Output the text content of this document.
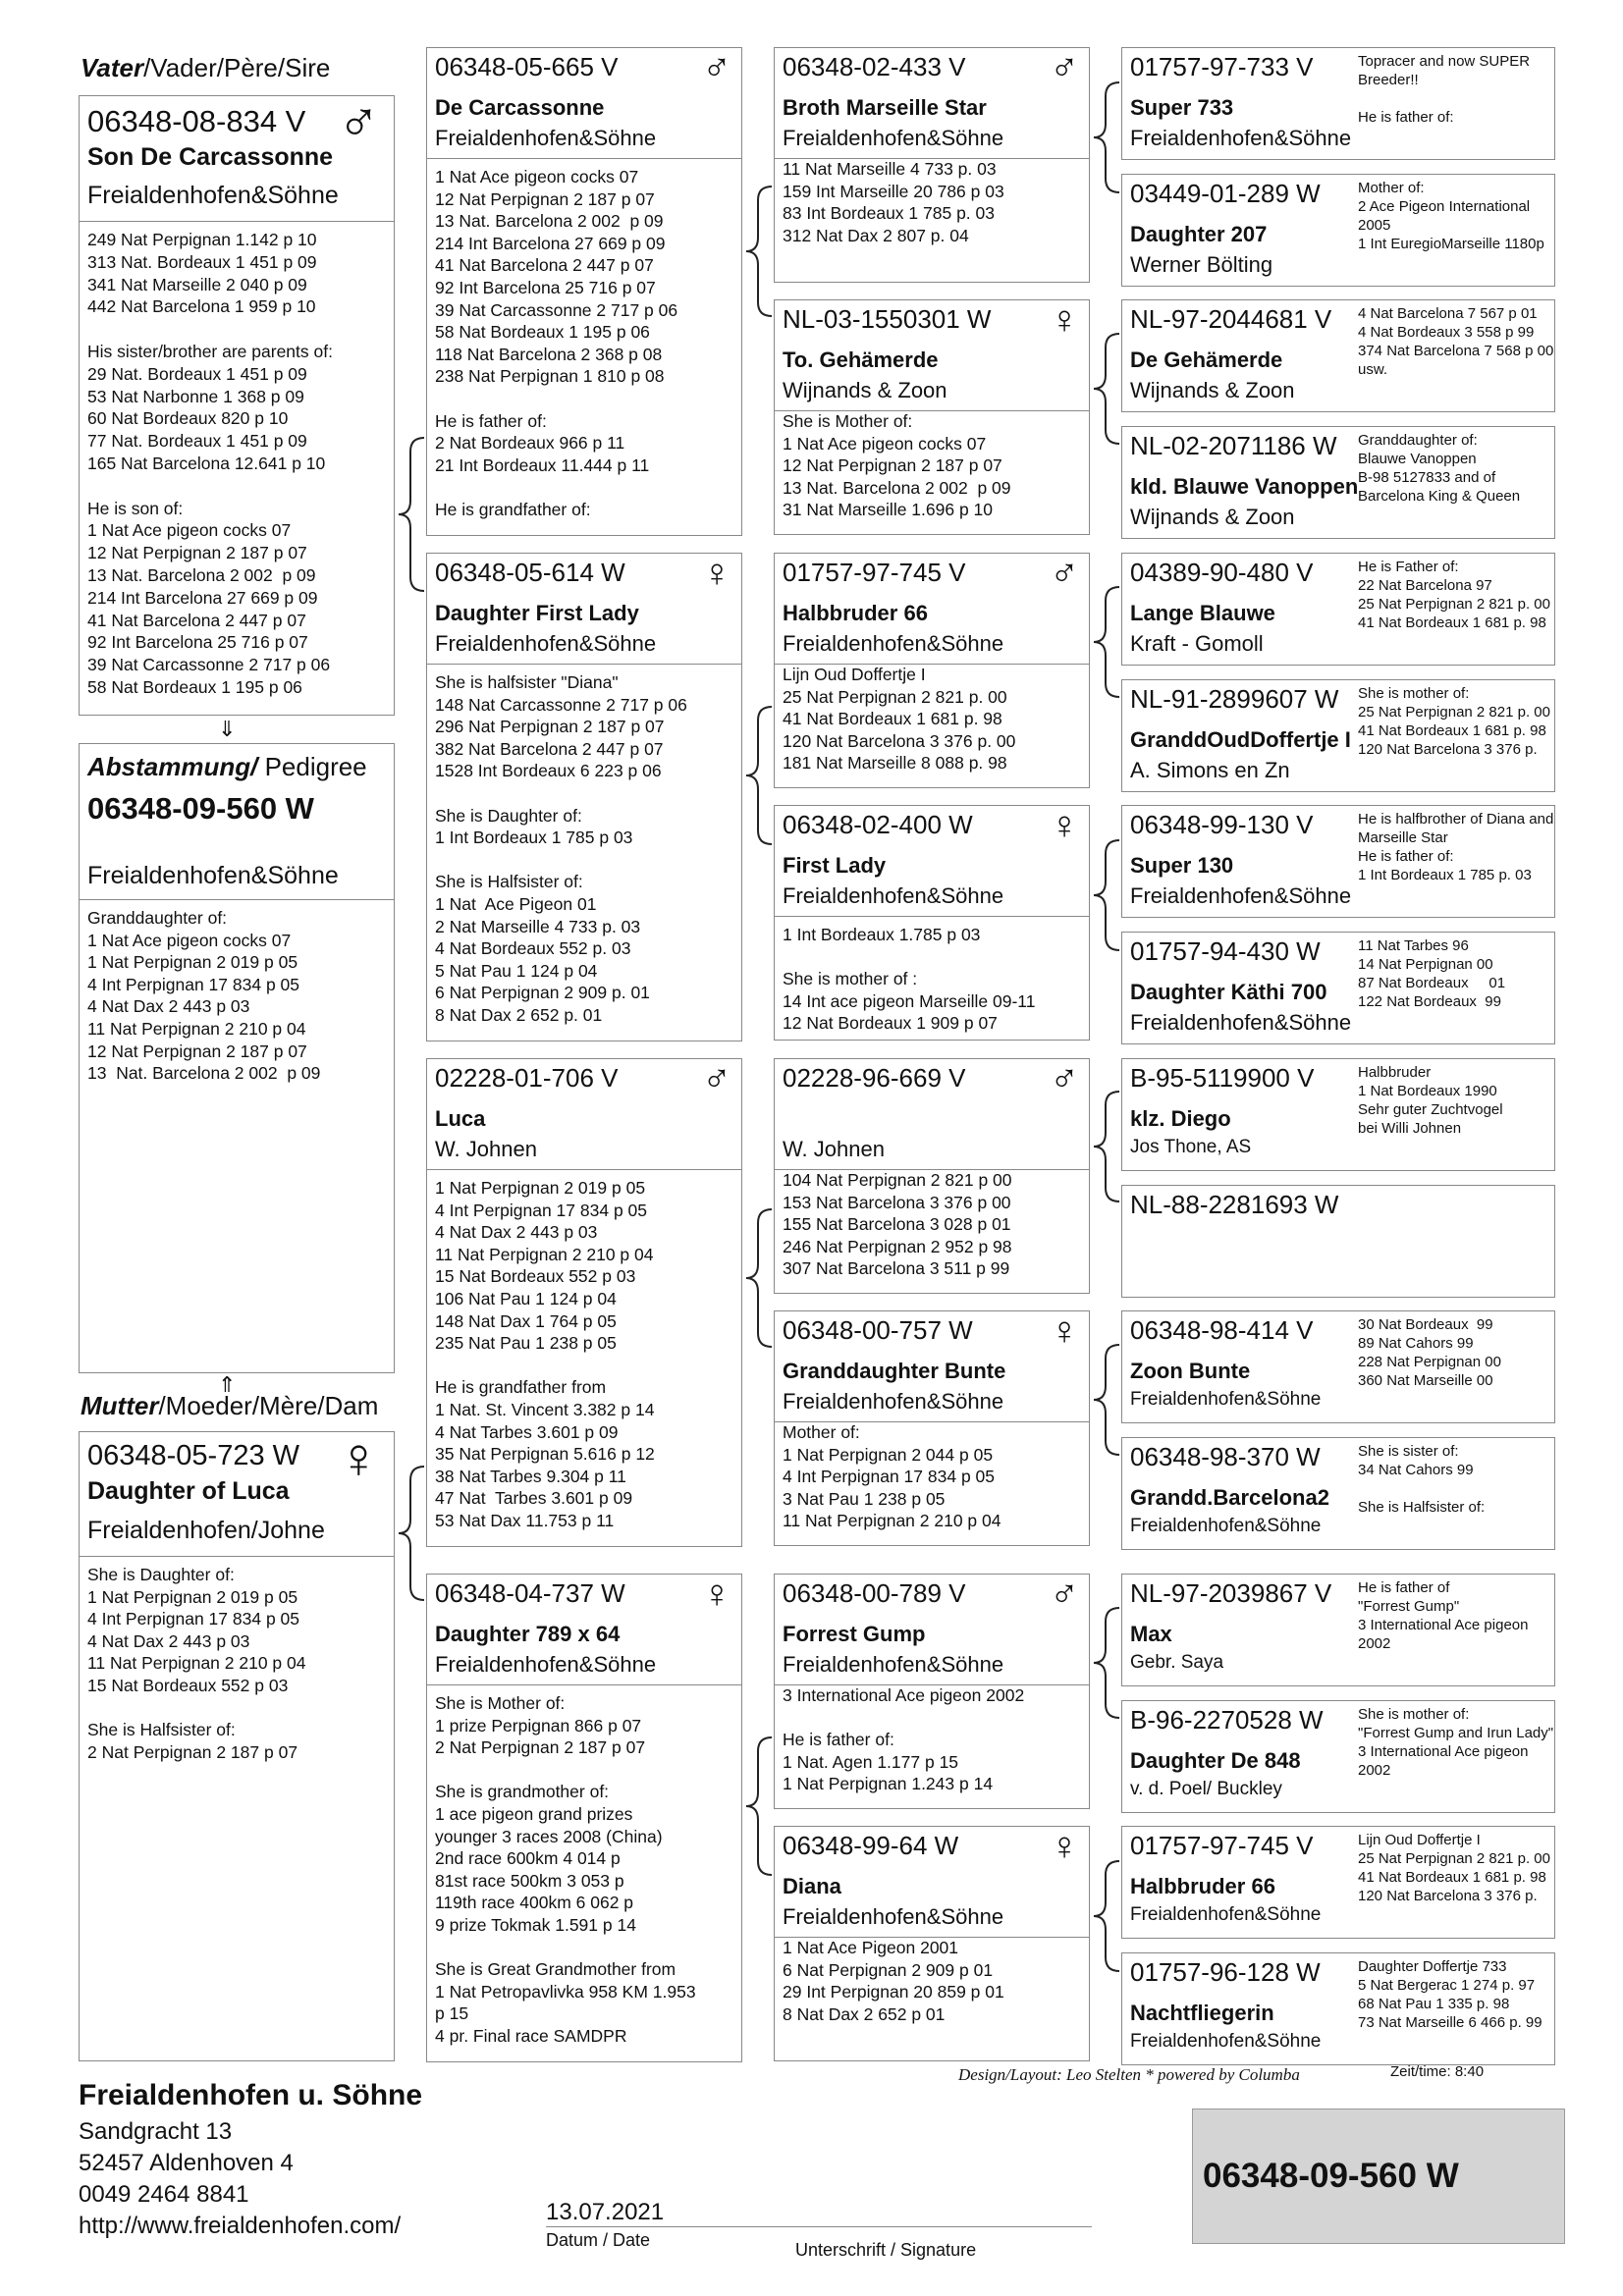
Vater/Vader/Père/Sire
06348-08-834 V ♂
Son De Carcassonne
Freialdenhofen&Söhne
249 Nat Perpignan 1.142 p 10
313 Nat. Bordeaux 1 451 p 09
341 Nat Marseille 2 040 p 09
442 Nat Barcelona 1 959 p 10

His sister/brother are parents of:
29 Nat. Bordeaux 1 451 p 09
53 Nat Narbonne 1 368 p 09
60 Nat Bordeaux 820 p 10
77 Nat. Bordeaux 1 451 p 09
165 Nat Barcelona 12.641 p 10

He is son of:
1 Nat Ace pigeon cocks 07
12 Nat Perpignan 2 187 p 07
13 Nat. Barcelona 2 002  p 09
214 Int Barcelona 27 669 p 09
41 Nat Barcelona 2 447 p 07
92 Int Barcelona 25 716 p 07
39 Nat Carcassonne 2 717 p 06
58 Nat Bordeaux 1 195 p 06
⇓
Abstammung/ Pedigree
06348-09-560 W
Freialdenhofen&Söhne
Granddaughter of:
1 Nat Ace pigeon cocks 07
1 Nat Perpignan 2 019 p 05
4 Int Perpignan 17 834 p 05
4 Nat Dax 2 443 p 03
11 Nat Perpignan 2 210 p 04
12 Nat Perpignan 2 187 p 07
13  Nat. Barcelona 2 002  p 09
⇑
Mutter/Moeder/Mère/Dam
06348-05-723 W ♀
Daughter of Luca
Freialdenhofen/Johne
She is Daughter of:
1 Nat Perpignan 2 019 p 05
4 Int Perpignan 17 834 p 05
4 Nat Dax 2 443 p 03
11 Nat Perpignan 2 210 p 04
15 Nat Bordeaux 552 p 03

She is Halfsister of:
2 Nat Perpignan 2 187 p 07
06348-05-665 V ♂
De Carcassonne
Freialdenhofen&Söhne
1 Nat Ace pigeon cocks 07
12 Nat Perpignan 2 187 p 07
13 Nat. Barcelona 2 002  p 09
214 Int Barcelona 27 669 p 09
41 Nat Barcelona 2 447 p 07
92 Int Barcelona 25 716 p 07
39 Nat Carcassonne 2 717 p 06
58 Nat Bordeaux 1 195 p 06
118 Nat Barcelona 2 368 p 08
238 Nat Perpignan 1 810 p 08

He is father of:
2 Nat Bordeaux 966 p 11
21 Int Bordeaux 11.444 p 11

He is grandfather of:
06348-05-614 W ♀
Daughter First Lady
Freialdenhofen&Söhne
She is halfsister "Diana"
148 Nat Carcassonne 2 717 p 06
296 Nat Perpignan 2 187 p 07
382 Nat Barcelona 2 447 p 07
1528 Int Bordeaux 6 223 p 06

She is Daughter of:
1 Int Bordeaux 1 785 p 03

She is Halfsister of:
1 Nat  Ace Pigeon 01
2 Nat Marseille 4 733 p. 03
4 Nat Bordeaux 552 p. 03
5 Nat Pau 1 124 p 04
6 Nat Perpignan 2 909 p. 01
8 Nat Dax 2 652 p. 01
02228-01-706 V ♂
Luca
W. Johnen
1 Nat Perpignan 2 019 p 05
4 Int Perpignan 17 834 p 05
4 Nat Dax 2 443 p 03
11 Nat Perpignan 2 210 p 04
15 Nat Bordeaux 552 p 03
106 Nat Pau 1 124 p 04
148 Nat Dax 1 764 p 05
235 Nat Pau 1 238 p 05

He is grandfather from
1 Nat. St. Vincent 3.382 p 14
4 Nat Tarbes 3.601 p 09
35 Nat Perpignan 5.616 p 12
38 Nat Tarbes 9.304 p 11
47 Nat  Tarbes 3.601 p 09
53 Nat Dax 11.753 p 11
06348-04-737 W ♀
Daughter 789 x 64
Freialdenhofen&Söhne
She is Mother of:
1 prize Perpignan 866 p 07
2 Nat Perpignan 2 187 p 07

She is grandmother of:
1 ace pigeon grand prizes
younger 3 races 2008 (China)
2nd race 600km 4 014 p
81st race 500km 3 053 p
119th race 400km 6 062 p
9 prize Tokmak 1.591 p 14

She is Great Grandmother from
1 Nat Petropavlivka 958 KM 1.953
p 15
4 pr. Final race SAMDPR
06348-02-433 V ♂
Broth Marseille Star
Freialdenhofen&Söhne
11 Nat Marseille 4 733 p. 03
159 Int Marseille 20 786 p 03
83 Int Bordeaux 1 785 p. 03
312 Nat Dax 2 807 p. 04
NL-03-1550301 W ♀
To. Gehämerde
Wijnands & Zoon
She is Mother of:
1 Nat Ace pigeon cocks 07
12 Nat Perpignan 2 187 p 07
13 Nat. Barcelona 2 002  p 09
31 Nat Marseille 1.696 p 10
01757-97-745 V ♂
Halbbruder 66
Freialdenhofen&Söhne
Lijn Oud Doffertje I
25 Nat Perpignan 2 821 p. 00
41 Nat Bordeaux 1 681 p. 98
120 Nat Barcelona 3 376 p. 00
181 Nat Marseille 8 088 p. 98
06348-02-400 W ♀
First Lady
Freialdenhofen&Söhne
1 Int Bordeaux 1.785 p 03

She is mother of :
14 Int ace pigeon Marseille 09-11
12 Nat Bordeaux 1 909 p 07
02228-96-669 V ♂
W. Johnen
104 Nat Perpignan 2 821 p 00
153 Nat Barcelona 3 376 p 00
155 Nat Barcelona 3 028 p 01
246 Nat Perpignan 2 952 p 98
307 Nat Barcelona 3 511 p 99
06348-00-757 W ♀
Granddaughter Bunte
Freialdenhofen&Söhne
Mother of:
1 Nat Perpignan 2 044 p 05
4 Int Perpignan 17 834 p 05
3 Nat Pau 1 238 p 05
11 Nat Perpignan 2 210 p 04
06348-00-789 V ♂
Forrest Gump
Freialdenhofen&Söhne
3 International Ace pigeon 2002

He is father of:
1 Nat. Agen 1.177 p 15
1 Nat Perpignan 1.243 p 14
06348-99-64 W ♀
Diana
Freialdenhofen&Söhne
1 Nat Ace Pigeon 2001
6 Nat Perpignan 2 909 p 01
29 Int Perpignan 20 859 p 01
8 Nat Dax 2 652 p 01
01757-97-733 V
Super 733
Freialdenhofen&Söhne
Topracer and now SUPER
Breeder!!

He is father of:
03449-01-289 W
Daughter 207
Werner Bölting
Mother of:
2 Ace Pigeon International
2005
1 Int EuregioMarseille 1180p
NL-97-2044681 V
De Gehämerde
Wijnands & Zoon
4 Nat Barcelona 7 567 p 01
4 Nat Bordeaux 3 558 p 99
374 Nat Barcelona 7 568 p 00
usw.
NL-02-2071186 W
kld. Blauwe Vanoppen
Wijnands & Zoon
Granddaughter of:
Blauwe Vanoppen
B-98 5127833 and of
Barcelona King & Queen
04389-90-480 V
Lange Blauwe
Kraft - Gomoll
He is Father of:
22 Nat Barcelona 97
25 Nat Perpignan 2 821 p. 00
41 Nat Bordeaux 1 681 p. 98
NL-91-2899607 W
GranddOudDoffertje I
A. Simons en Zn
She is mother of:
25 Nat Perpignan 2 821 p. 00
41 Nat Bordeaux 1 681 p. 98
120 Nat Barcelona 3 376 p.
06348-99-130 V
Super 130
Freialdenhofen&Söhne
He is halfbrother of Diana and
Marseille Star
He is father of:
1 Int Bordeaux 1 785 p. 03
01757-94-430 W
Daughter Käthi 700
Freialdenhofen&Söhne
11 Nat Tarbes 96
14 Nat Perpignan 00
87 Nat Bordeaux     01
122 Nat Bordeaux  99
B-95-5119900 V
klz. Diego
Jos Thone, AS
Halbbruder
1 Nat Bordeaux 1990
Sehr guter Zuchtvogel
bei Willi Johnen
NL-88-2281693 W
06348-98-414 V
Zoon Bunte
Freialdenhofen&Söhne
30 Nat Bordeaux  99
89 Nat Cahors 99
228 Nat Perpignan 00
360 Nat Marseille 00
06348-98-370 W
Grandd.Barcelona2
Freialdenhofen&Söhne
She is sister of:
34 Nat Cahors 99

She is Halfsister of:
NL-97-2039867 V
Max
Gebr. Saya
He is father of
"Forrest Gump"
3 International Ace pigeon
2002
B-96-2270528 W
Daughter De 848
v. d. Poel/ Buckley
She is mother of:
"Forrest Gump and Irun Lady"
3 International Ace pigeon
2002
01757-97-745 V
Halbbruder 66
Freialdenhofen&Söhne
Lijn Oud Doffertje I
25 Nat Perpignan 2 821 p. 00
41 Nat Bordeaux 1 681 p. 98
120 Nat Barcelona 3 376 p.
01757-96-128 W
Nachtfliegerin
Freialdenhofen&Söhne
Daughter Doffertje 733
5 Nat Bergerac 1 274 p. 97
68 Nat Pau 1 335 p. 98
73 Nat Marseille 6 466 p. 99
Freialdenhofen u. Söhne
Sandgracht 13
52457 Aldenhoven 4
0049 2464 8841
http://www.freialdenhofen.com/
13.07.2021
Datum / Date	Unterschrift / Signature
Design/Layout: Leo Stelten * powered by Columba	Zeit/time: 8:40
06348-09-560 W
